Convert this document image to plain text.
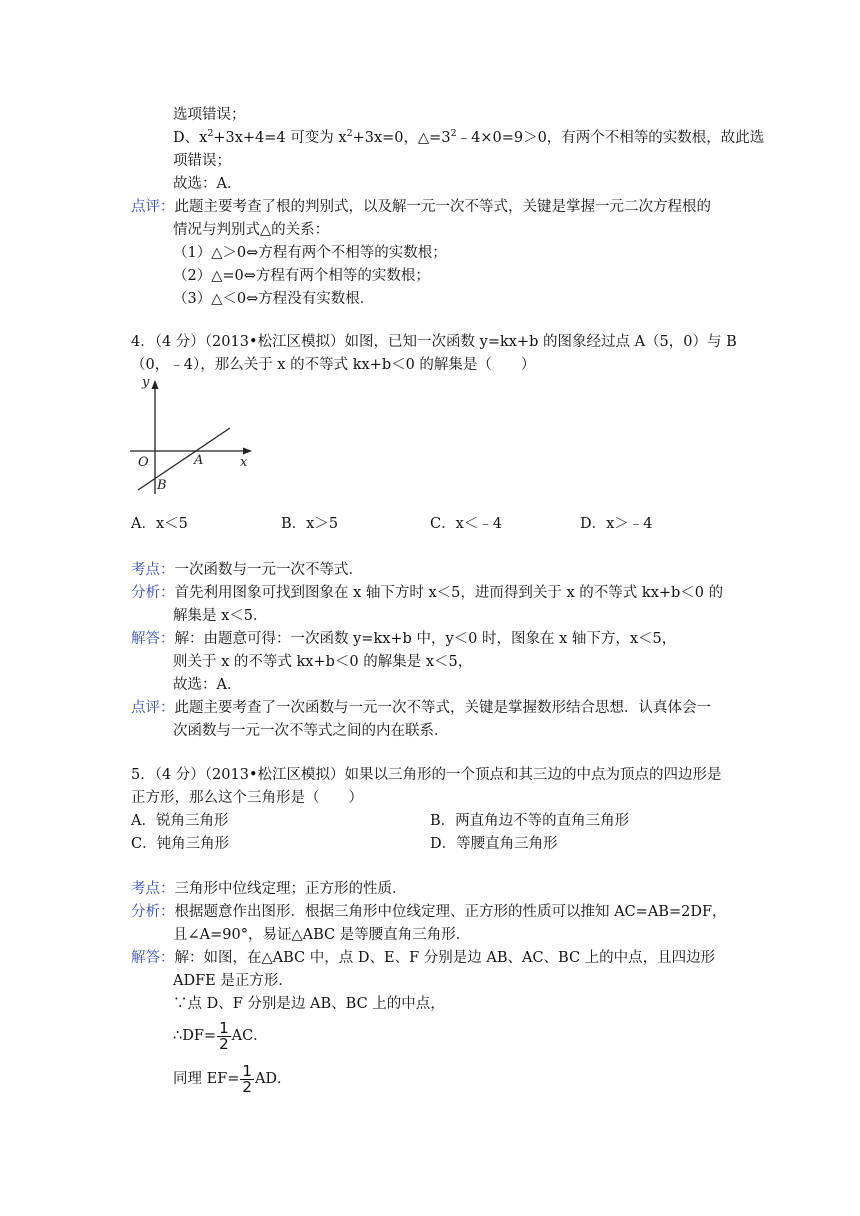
选项错误；
D、$x^2+3x+4=4$ 可变为 $x^2+3x=0$，$\triangle=3^2﹣4\times 0=9>0$，有两个不相等的实数根，故此选
项错误；
故选：A．
点评：此题主要考查了根的判别式，以及解一元一次不等式，关键是掌握一元二次方程根的
情况与判别式△的关系：
（1）△＞0⇔方程有两个不相等的实数根；
（2）△=0⇔方程有两个相等的实数根；
（3）△＜0⇔方程没有实数根．
4．（4 分）（2013•松江区模拟）如图，已知一次函数 y=kx+b 的图象经过点 A（5，0）与 B
（0，﹣4），那么关于 x 的不等式 kx+b＜0 的解集是（　　）
y
x
O	A
B
A．x＜5	B．x＞5	C．x＜﹣4	D．x＞﹣4
考点：一次函数与一元一次不等式．
分析：首先利用图象可找到图象在 x 轴下方时 x＜5，进而得到关于 x 的不等式 kx+b＜0 的
解集是 x＜5．
解答：解：由题意可得：一次函数 y=kx+b 中，y＜0 时，图象在 x 轴下方，x＜5，
则关于 x 的不等式 kx+b＜0 的解集是 x＜5，
故选：A．
点评：此题主要考查了一次函数与一元一次不等式，关键是掌握数形结合思想．认真体会一
次函数与一元一次不等式之间的内在联系．
5．（4 分）（2013•松江区模拟）如果以三角形的一个顶点和其三边的中点为顶点的四边形是
正方形，那么这个三角形是（　　）
A．锐角三角形	B．两直角边不等的直角三角形
C．钝角三角形	D．等腰直角三角形
考点：三角形中位线定理；正方形的性质．
分析：根据题意作出图形．根据三角形中位线定理、正方形的性质可以推知 AC=AB=2DF，
且∠A=90°，易证△ABC 是等腰直角三角形．
解答：解：如图，在△ABC 中，点 D、E、F 分别是边 AB、AC、BC 上的中点，且四边形
ADFE 是正方形．
∵点 D、F 分别是边 AB、BC 上的中点，
∴DF= $\frac{1}{2}$ AC．
同理 $EF= \frac{1}{2}$ AD．
